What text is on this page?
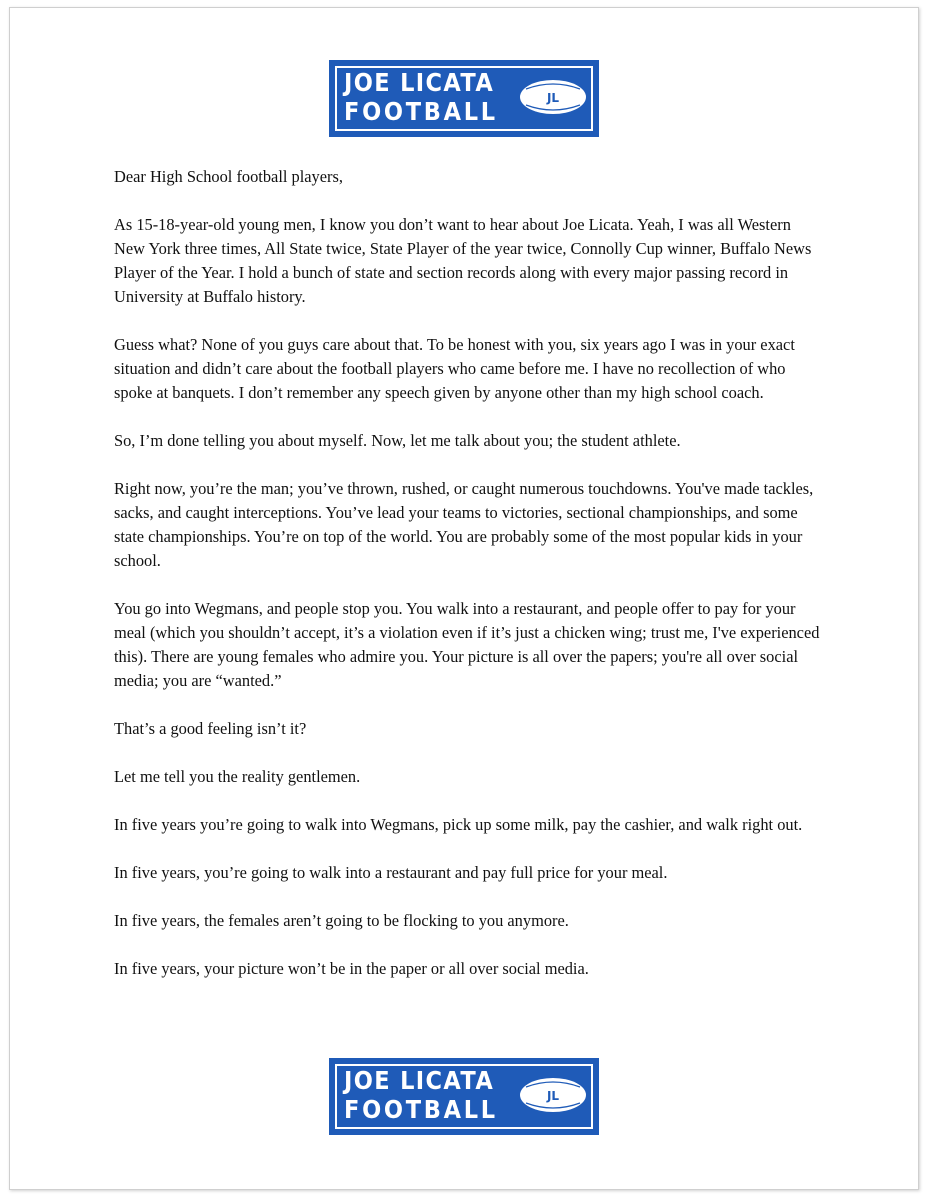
JOE LICATA
FOOTBALL	JL

Dear High School football players,

As 15-18-year-old young men, I know you don’t want to hear about Joe Licata. Yeah, I was all Western New York three times, All State twice, State Player of the year twice, Connolly Cup winner, Buffalo News Player of the Year. I hold a bunch of state and section records along with every major passing record in University at Buffalo history.

Guess what? None of you guys care about that. To be honest with you, six years ago I was in your exact situation and didn’t care about the football players who came before me. I have no recollection of who spoke at banquets. I don’t remember any speech given by anyone other than my high school coach.

So, I’m done telling you about myself. Now, let me talk about you; the student athlete.

Right now, you’re the man; you’ve thrown, rushed, or caught numerous touchdowns. You've made tackles, sacks, and caught interceptions. You’ve lead your teams to victories, sectional championships, and some state championships. You’re on top of the world. You are probably some of the most popular kids in your school.

You go into Wegmans, and people stop you. You walk into a restaurant, and people offer to pay for your meal (which you shouldn’t accept, it’s a violation even if it’s just a chicken wing; trust me, I've experienced this). There are young females who admire you. Your picture is all over the papers; you're all over social media; you are “wanted.”

That’s a good feeling isn’t it?

Let me tell you the reality gentlemen.

In five years you’re going to walk into Wegmans, pick up some milk, pay the cashier, and walk right out.

In five years, you’re going to walk into a restaurant and pay full price for your meal.

In five years, the females aren’t going to be flocking to you anymore.

In five years, your picture won’t be in the paper or all over social media.

JOE LICATA
FOOTBALL	JL
